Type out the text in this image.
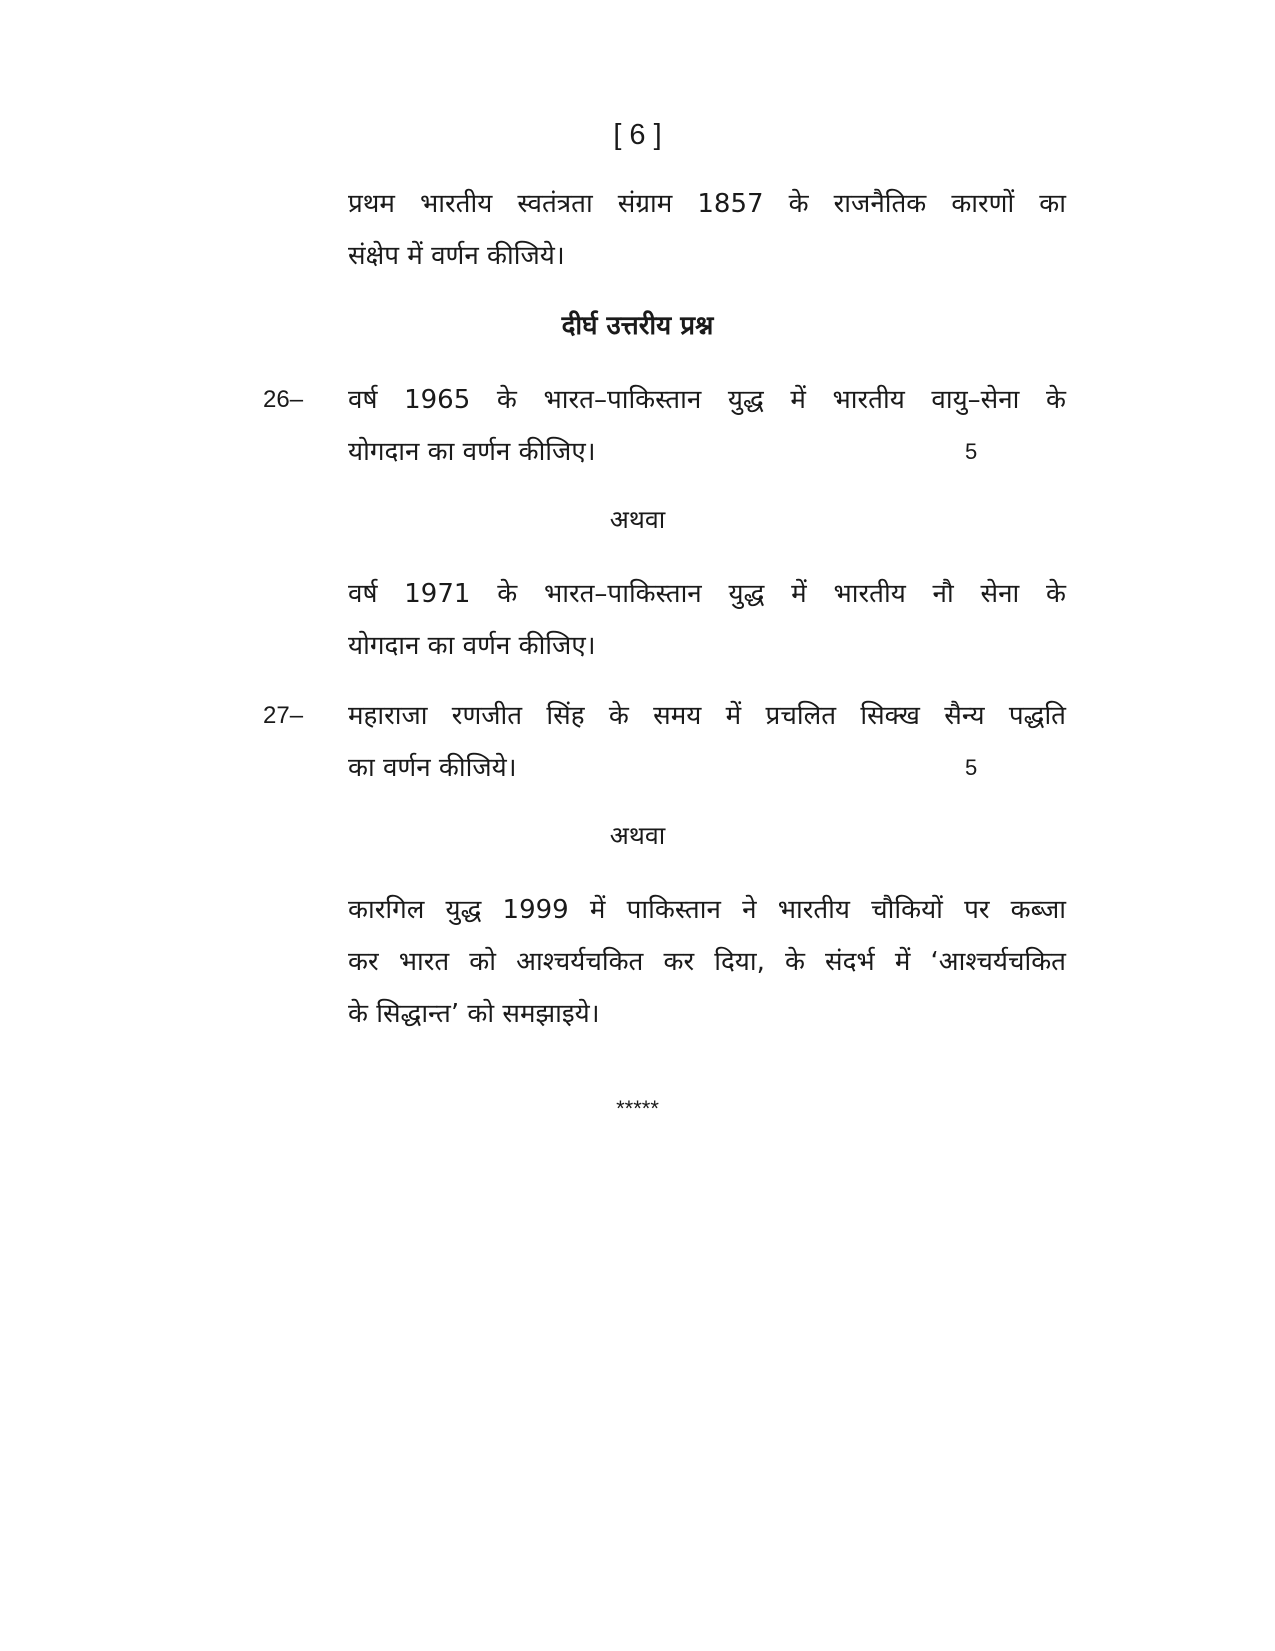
[ 6 ]
प्रथम भारतीय स्वतंत्रता संग्राम 1857 के राजनैतिक कारणों का
संक्षेप में वर्णन कीजिये।
दीर्घ उत्तरीय प्रश्न
26– वर्ष 1965 के भारत–पाकिस्तान युद्ध में भारतीय वायु–सेना के
योगदान का वर्णन कीजिए।	5
अथवा
वर्ष 1971 के भारत–पाकिस्तान युद्ध में भारतीय नौ सेना के
योगदान का वर्णन कीजिए।
27– महाराजा रणजीत सिंह के समय में प्रचलित सिक्ख सैन्य पद्धति
का वर्णन कीजिये।	5
अथवा
कारगिल युद्ध 1999 में पाकिस्तान ने भारतीय चौकियों पर कब्जा
कर भारत को आश्चर्यचकित कर दिया, के संदर्भ में ‘आश्चर्यचकित
के सिद्धान्त’ को समझाइये।
*****
